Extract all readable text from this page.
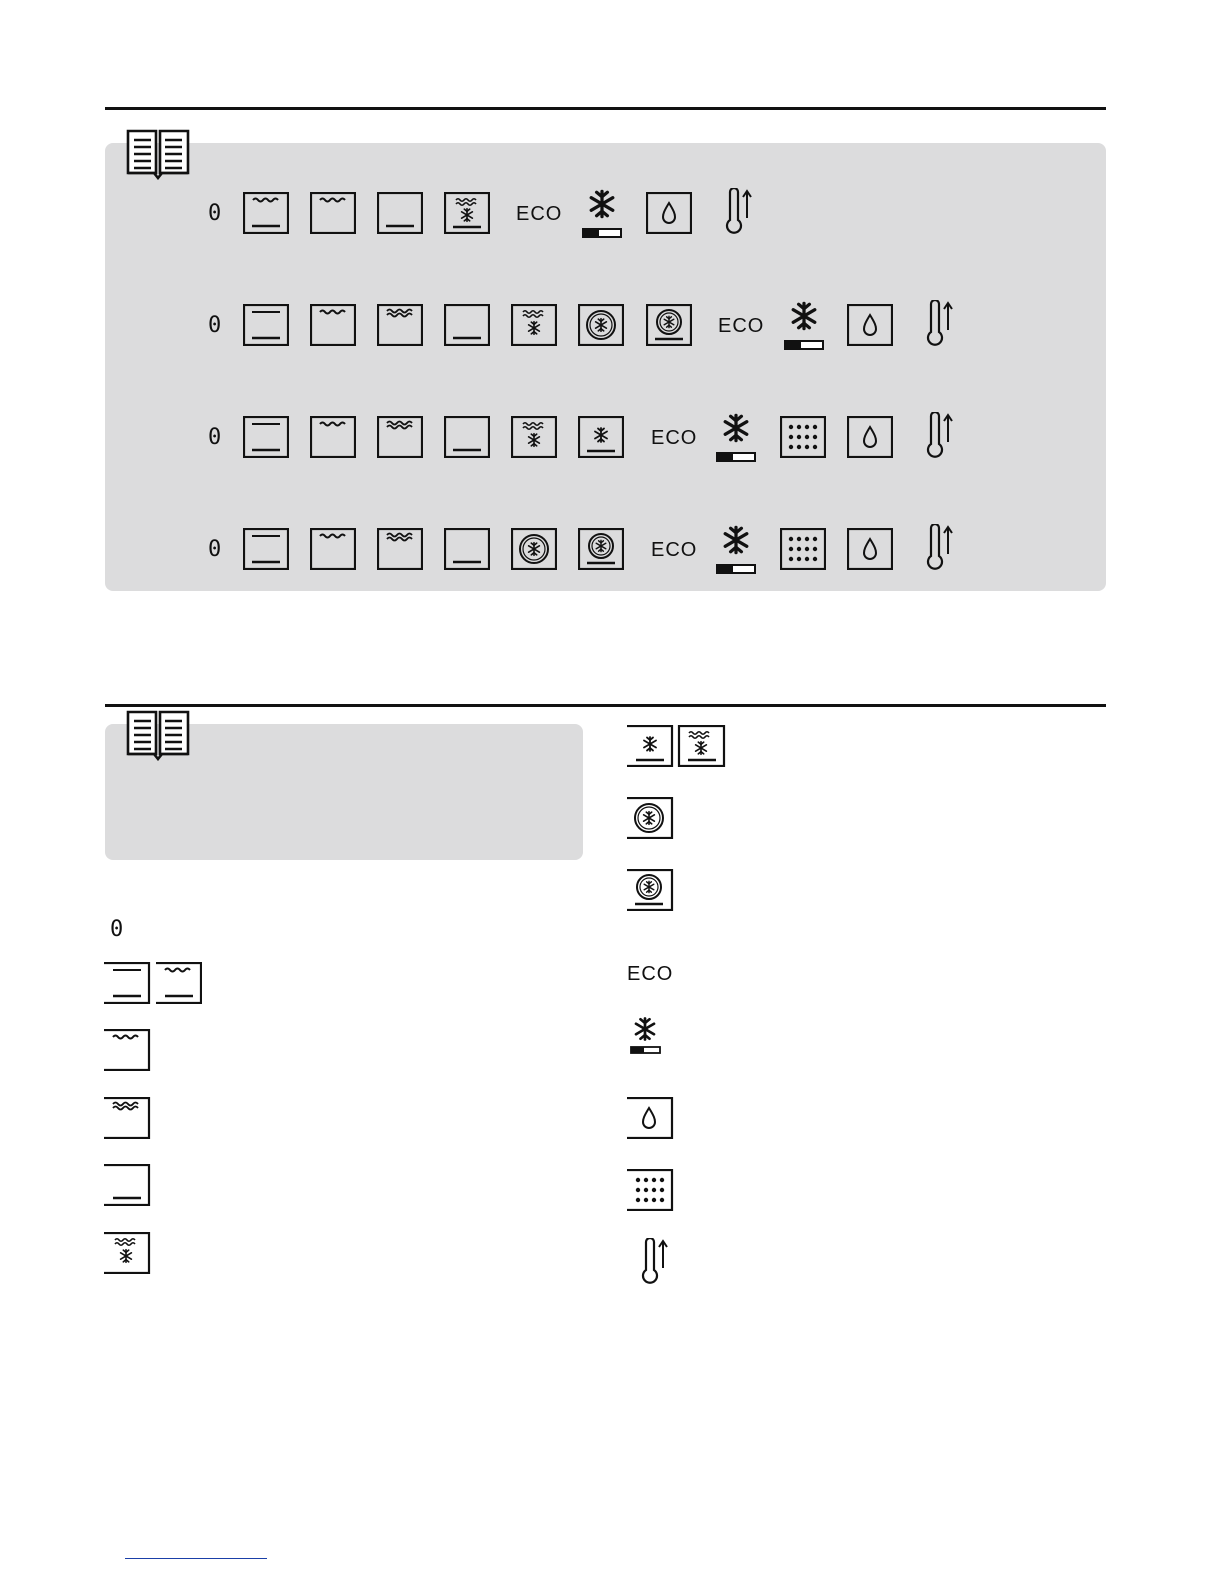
0	ECO
0	ECO
0	ECO
0	ECO
0
ECO
